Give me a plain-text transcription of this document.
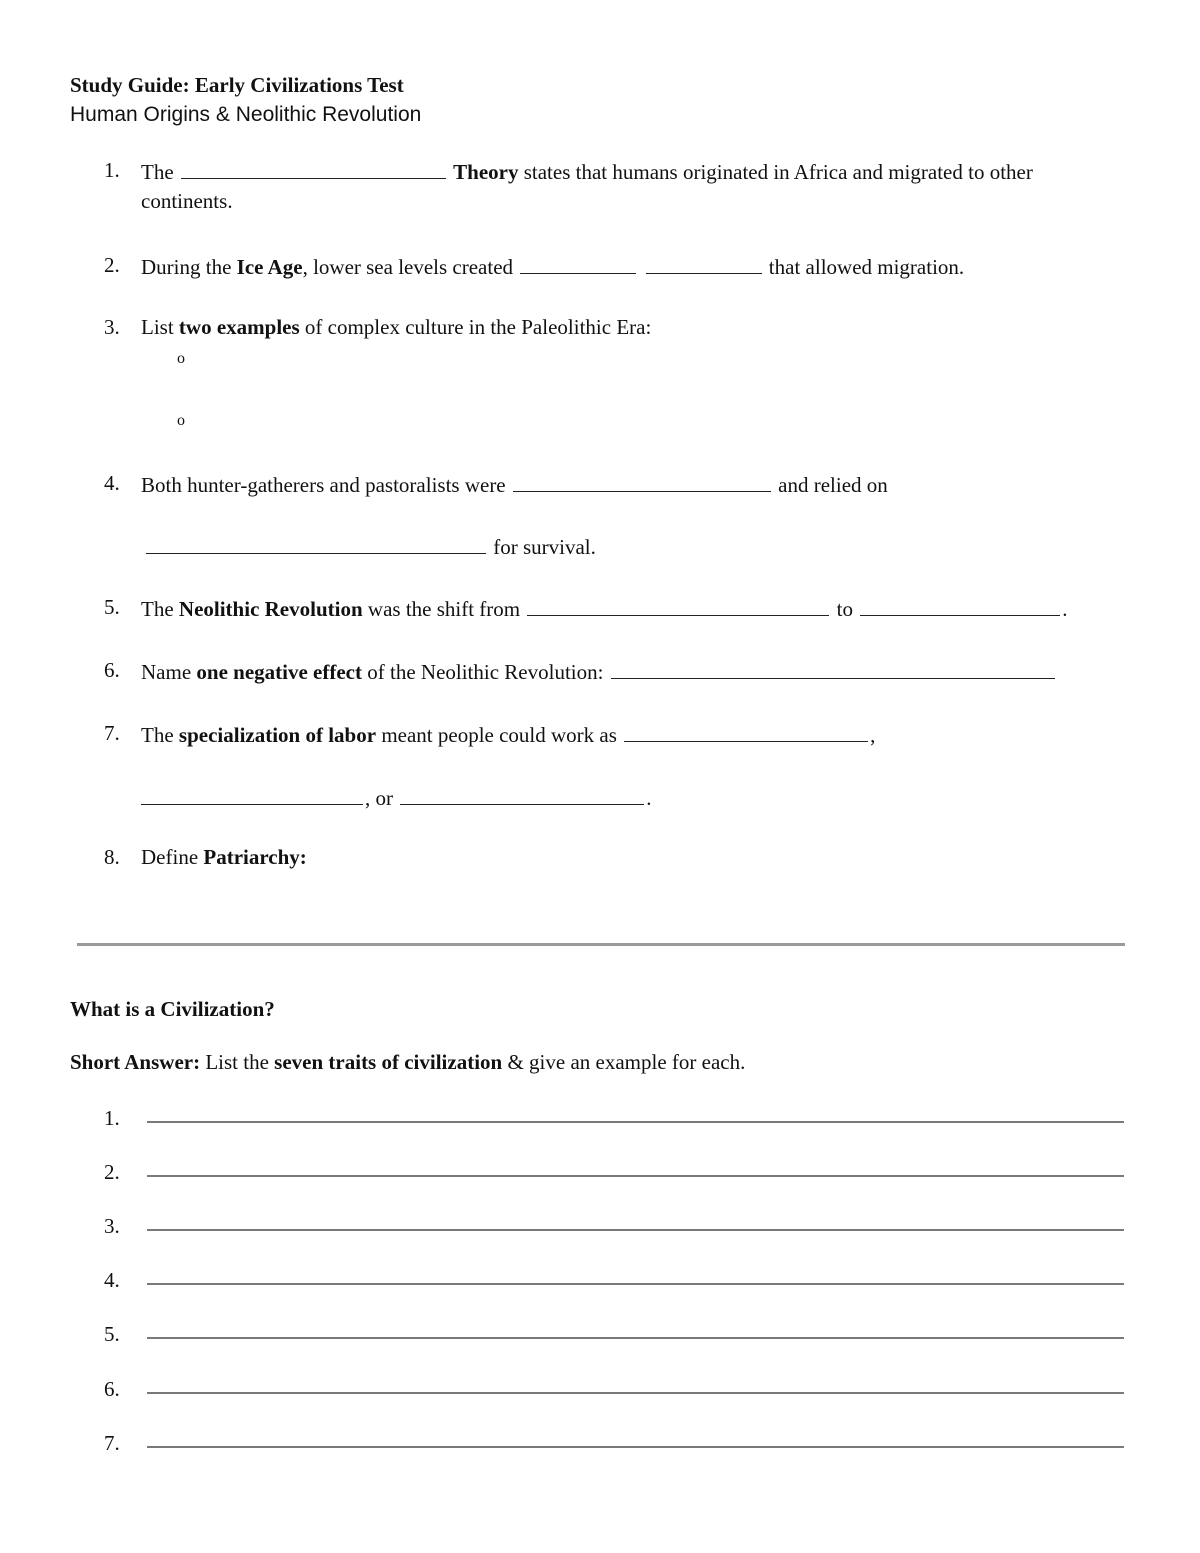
Study Guide: Early Civilizations Test
Human Origins & Neolithic Revolution
1. The	Theory states that humans originated in Africa and migrated to other
continents.
2. During the Ice Age, lower sea levels created	that allowed migration.
3. List two examples of complex culture in the Paleolithic Era:
o
o
4. Both hunter-gatherers and pastoralists were	and relied on
for survival.
5. The Neolithic Revolution was the shift from	to	.
6. Name one negative effect of the Neolithic Revolution:
7. The specialization of labor meant people could work as	,
, or	.
8. Define Patriarchy:
What is a Civilization?
Short Answer: List the seven traits of civilization & give an example for each.
1.
2.
3.
4.
5.
6.
7.
